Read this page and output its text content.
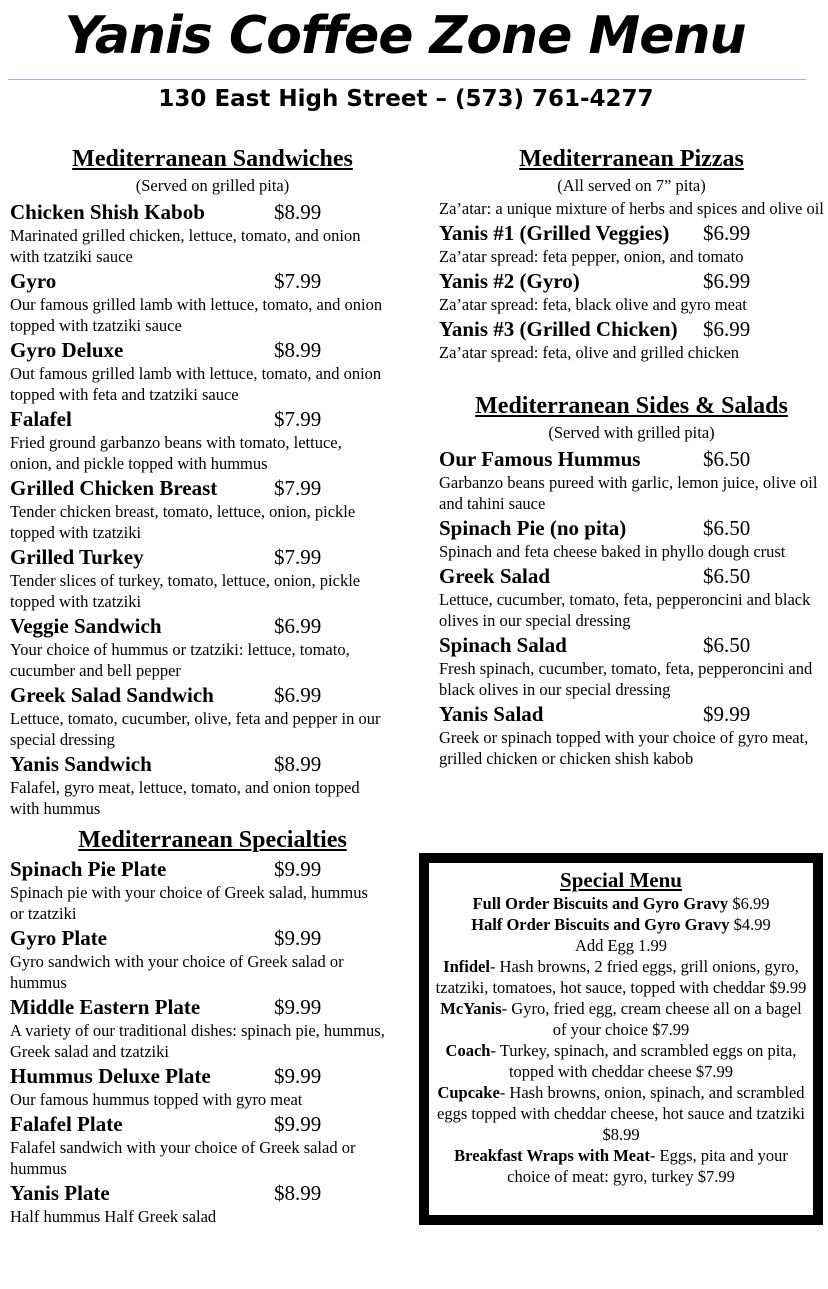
Yanis Coffee Zone Menu
130 East High Street – (573) 761-4277
Mediterranean Sandwiches
(Served on grilled pita)
Chicken Shish Kabob	$8.99
Marinated grilled chicken, lettuce, tomato, and onion with tzatziki sauce
Gyro	$7.99
Our famous grilled lamb with lettuce, tomato, and onion topped with tzatziki sauce
Gyro Deluxe	$8.99
Out famous grilled lamb with lettuce, tomato, and onion topped with feta and tzatziki sauce
Falafel	$7.99
Fried ground garbanzo beans with tomato, lettuce, onion, and pickle topped with hummus
Grilled Chicken Breast	$7.99
Tender chicken breast, tomato, lettuce, onion, pickle topped with tzatziki
Grilled Turkey	$7.99
Tender slices of turkey, tomato, lettuce, onion, pickle topped with tzatziki
Veggie Sandwich	$6.99
Your choice of hummus or tzatziki: lettuce, tomato, cucumber and bell pepper
Greek Salad Sandwich	$6.99
Lettuce, tomato, cucumber, olive, feta and pepper in our special dressing
Yanis Sandwich	$8.99
Falafel, gyro meat, lettuce, tomato, and onion topped with hummus
Mediterranean Specialties
Spinach Pie Plate	$9.99
Spinach pie with your choice of Greek salad, hummus or tzatziki
Gyro Plate	$9.99
Gyro sandwich with your choice of Greek salad or hummus
Middle Eastern Plate	$9.99
A variety of our traditional dishes: spinach pie, hummus, Greek salad and tzatziki
Hummus Deluxe Plate	$9.99
Our famous hummus topped with gyro meat
Falafel Plate	$9.99
Falafel sandwich with your choice of Greek salad or hummus
Yanis Plate	$8.99
Half hummus Half Greek salad
Mediterranean Pizzas
(All served on 7” pita)
Za’atar: a unique mixture of herbs and spices and olive oil
Yanis #1 (Grilled Veggies)	$6.99
Za’atar spread: feta pepper, onion, and tomato
Yanis #2 (Gyro)	$6.99
Za’atar spread: feta, black olive and gyro meat
Yanis #3 (Grilled Chicken)	$6.99
Za’atar spread: feta, olive and grilled chicken
Mediterranean Sides & Salads
(Served with grilled pita)
Our Famous Hummus	$6.50
Garbanzo beans pureed with garlic, lemon juice, olive oil and tahini sauce
Spinach Pie (no pita)	$6.50
Spinach and feta cheese baked in phyllo dough crust
Greek Salad	$6.50
Lettuce, cucumber, tomato, feta, pepperoncini and black olives in our special dressing
Spinach Salad	$6.50
Fresh spinach, cucumber, tomato, feta, pepperoncini and black olives in our special dressing
Yanis Salad	$9.99
Greek or spinach topped with your choice of gyro meat, grilled chicken or chicken shish kabob
Special Menu

Full Order Biscuits and Gyro Gravy $6.99

Half Order Biscuits and Gyro Gravy $4.99

Add Egg 1.99

Infidel- Hash browns, 2 fried eggs, grill onions, gyro, tzatziki, tomatoes, hot sauce, topped with cheddar $9.99

McYanis- Gyro, fried egg, cream cheese all on a bagel of your choice $7.99

Coach- Turkey, spinach, and scrambled eggs on pita, topped with cheddar cheese $7.99

Cupcake- Hash browns, onion, spinach, and scrambled eggs topped with cheddar cheese, hot sauce and tzatziki $8.99

Breakfast Wraps with Meat- Eggs, pita and your choice of meat: gyro, turkey $7.99
